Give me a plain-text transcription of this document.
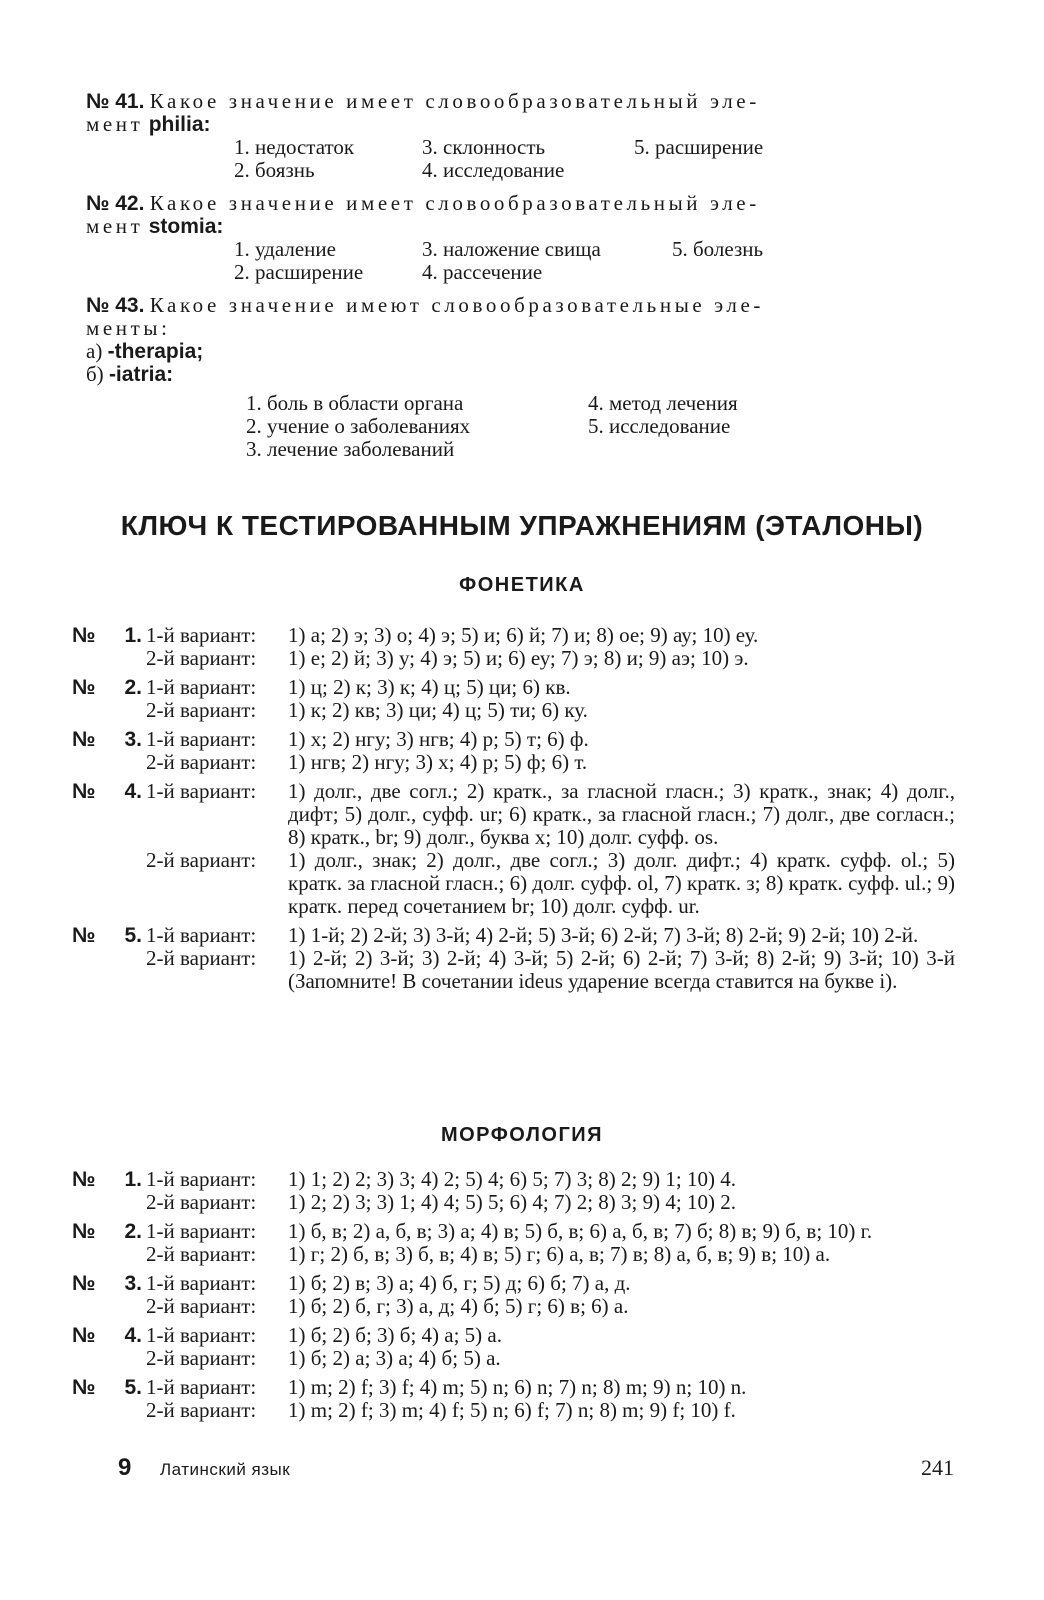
№ 41. Какое значение имеет словообразовательный эле-
мент philia:
1. недостаток	3. склонность	5. расширение
2. боязнь	4. исследование
№ 42. Какое значение имеет словообразовательный эле-
мент stomia:
1. удаление	3. наложение свища	5. болезнь
2. расширение	4. рассечение
№ 43. Какое значение имеют словообразовательные эле-
менты:
а) -therapia;
б) -iatria:
1. боль в области органа	4. метод лечения
2. учение о заболеваниях	5. исследование
3. лечение заболеваний
КЛЮЧ К ТЕСТИРОВАННЫМ УПРАЖНЕНИЯМ (ЭТАЛОНЫ)
ФОНЕТИКА
№ 1. 1-й вариант:	1) а; 2) э; 3) о; 4) э; 5) и; 6) й; 7) и; 8) ое; 9) ау; 10) еу.
2-й вариант:	1) е; 2) й; 3) у; 4) э; 5) и; 6) еу; 7) э; 8) и; 9) аэ; 10) э.
№ 2. 1-й вариант:	1) ц; 2) к; 3) к; 4) ц; 5) ци; 6) кв.
2-й вариант:	1) к; 2) кв; 3) ци; 4) ц; 5) ти; 6) ку.
№ 3. 1-й вариант:	1) х; 2) нгу; 3) нгв; 4) р; 5) т; 6) ф.
2-й вариант:	1) нгв; 2) нгу; 3) х; 4) р; 5) ф; 6) т.
№ 4. 1-й вариант:	1) долг., две согл.; 2) кратк., за гласной гласн.; 3) кратк., знак; 4) долг., дифт; 5) долг., суфф. ur; 6) кратк., за гласной гласн.; 7) долг., две согласн.; 8) кратк., br; 9) долг., буква х; 10) долг. суфф. os.
2-й вариант:	1) долг., знак; 2) долг., две согл.; 3) долг. дифт.; 4) кратк. суфф. ol.; 5) кратк. за гласной гласн.; 6) долг. суфф. ol, 7) кратк. з; 8) кратк. суфф. ul.; 9) кратк. перед сочетанием br; 10) долг. суфф. ur.
№ 5. 1-й вариант:	1) 1-й; 2) 2-й; 3) 3-й; 4) 2-й; 5) 3-й; 6) 2-й; 7) 3-й; 8) 2-й; 9) 2-й; 10) 2-й.
2-й вариант:	1) 2-й; 2) 3-й; 3) 2-й; 4) 3-й; 5) 2-й; 6) 2-й; 7) 3-й; 8) 2-й; 9) 3-й; 10) 3-й (Запомните! В сочетании ideus ударение всегда ставится на букве i).
МОРФОЛОГИЯ
№ 1. 1-й вариант:	1) 1; 2) 2; 3) 3; 4) 2; 5) 4; 6) 5; 7) 3; 8) 2; 9) 1; 10) 4.
2-й вариант:	1) 2; 2) 3; 3) 1; 4) 4; 5) 5; 6) 4; 7) 2; 8) 3; 9) 4; 10) 2.
№ 2. 1-й вариант:	1) б, в; 2) а, б, в; 3) а; 4) в; 5) б, в; 6) а, б, в; 7) б; 8) в; 9) б, в; 10) г.
2-й вариант:	1) г; 2) б, в; 3) б, в; 4) в; 5) г; 6) а, в; 7) в; 8) а, б, в; 9) в; 10) а.
№ 3. 1-й вариант:	1) б; 2) в; 3) а; 4) б, г; 5) д; 6) б; 7) а, д.
2-й вариант:	1) б; 2) б, г; 3) а, д; 4) б; 5) г; 6) в; 6) а.
№ 4. 1-й вариант:	1) б; 2) б; 3) б; 4) а; 5) а.
2-й вариант:	1) б; 2) а; 3) а; 4) б; 5) а.
№ 5. 1-й вариант:	1) m; 2) f; 3) f; 4) m; 5) n; 6) n; 7) n; 8) m; 9) n; 10) n.
2-й вариант:	1) m; 2) f; 3) m; 4) f; 5) n; 6) f; 7) n; 8) m; 9) f; 10) f.
9	Латинский язык	241
